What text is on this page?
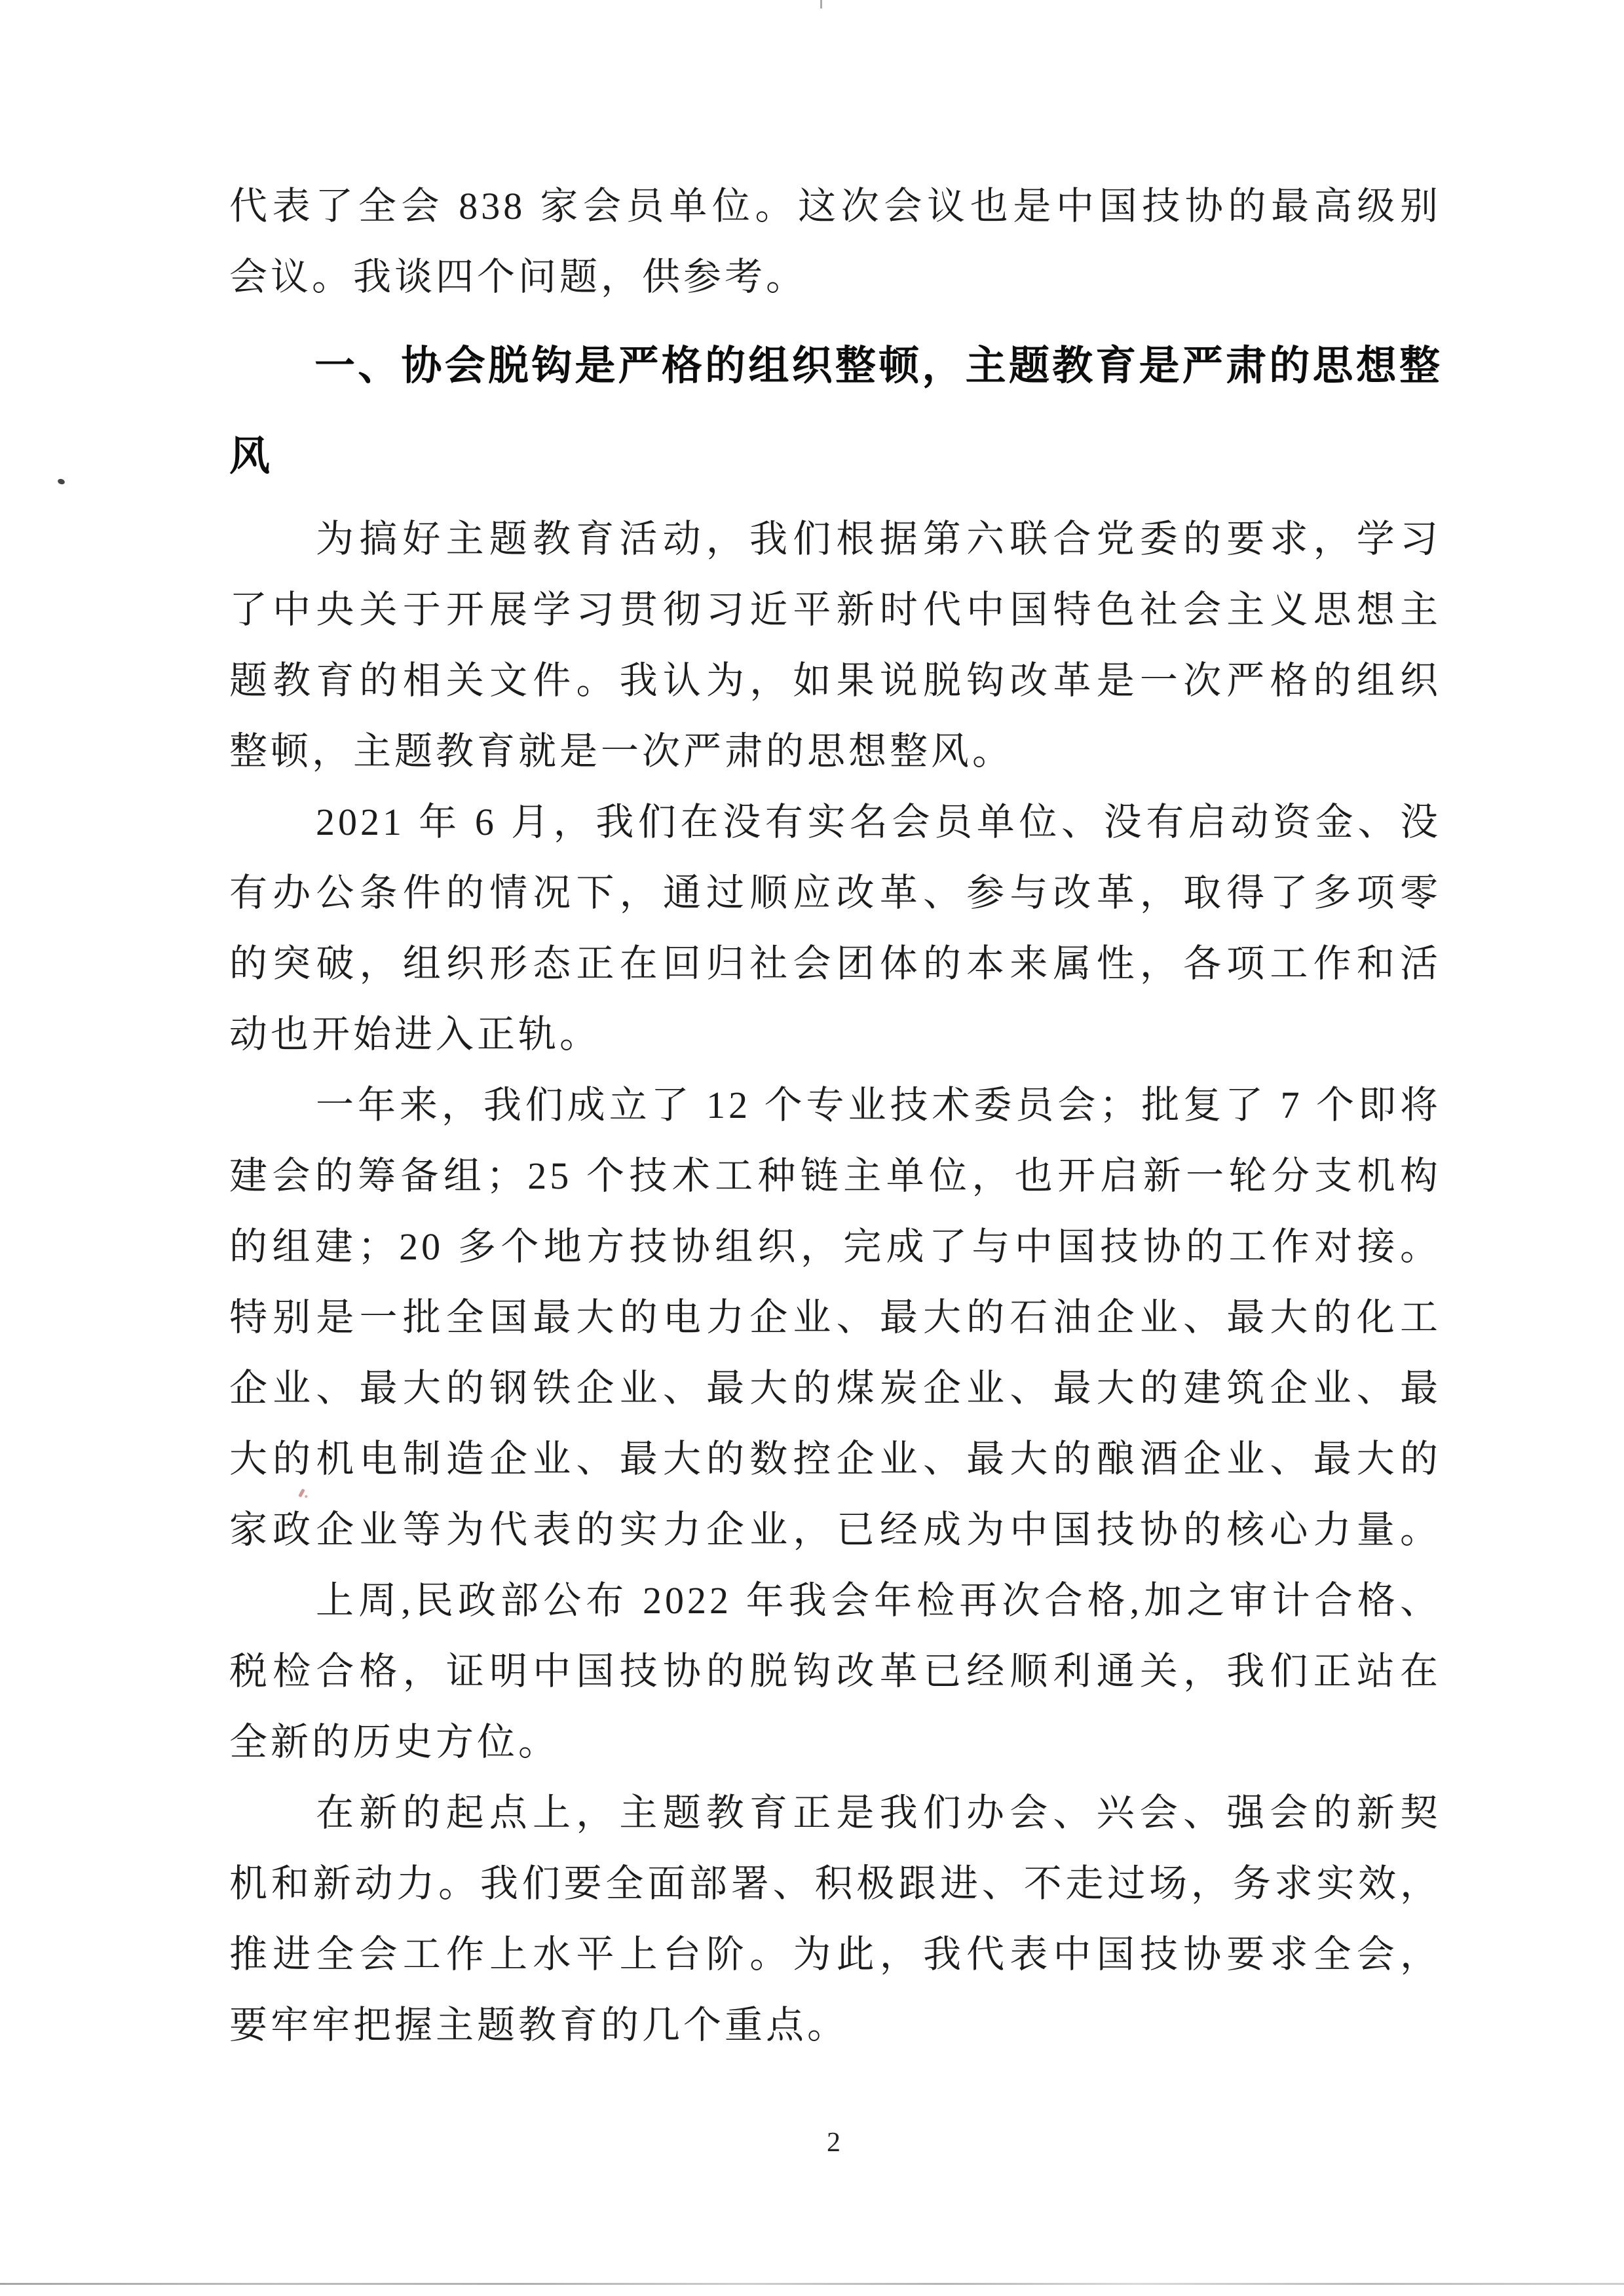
代表了全会 838 家会员单位。这次会议也是中国技协的最高级别
会议。我谈四个问题，供参考。
一、协会脱钩是严格的组织整顿，主题教育是严肃的思想整
风
为搞好主题教育活动，我们根据第六联合党委的要求，学习
了中央关于开展学习贯彻习近平新时代中国特色社会主义思想主
题教育的相关文件。我认为，如果说脱钩改革是一次严格的组织
整顿，主题教育就是一次严肃的思想整风。
2021 年 6 月，我们在没有实名会员单位、没有启动资金、没
有办公条件的情况下，通过顺应改革、参与改革，取得了多项零
的突破，组织形态正在回归社会团体的本来属性，各项工作和活
动也开始进入正轨。
一年来，我们成立了 12 个专业技术委员会；批复了 7 个即将
建会的筹备组；25 个技术工种链主单位，也开启新一轮分支机构
的组建；20 多个地方技协组织，完成了与中国技协的工作对接。
特别是一批全国最大的电力企业、最大的石油企业、最大的化工
企业、最大的钢铁企业、最大的煤炭企业、最大的建筑企业、最
大的机电制造企业、最大的数控企业、最大的酿酒企业、最大的
家政企业等为代表的实力企业，已经成为中国技协的核心力量。
上周,民政部公布 2022 年我会年检再次合格,加之审计合格、
税检合格，证明中国技协的脱钩改革已经顺利通关，我们正站在
全新的历史方位。
在新的起点上，主题教育正是我们办会、兴会、强会的新契
机和新动力。我们要全面部署、积极跟进、不走过场，务求实效，
推进全会工作上水平上台阶。为此，我代表中国技协要求全会，
要牢牢把握主题教育的几个重点。
2
